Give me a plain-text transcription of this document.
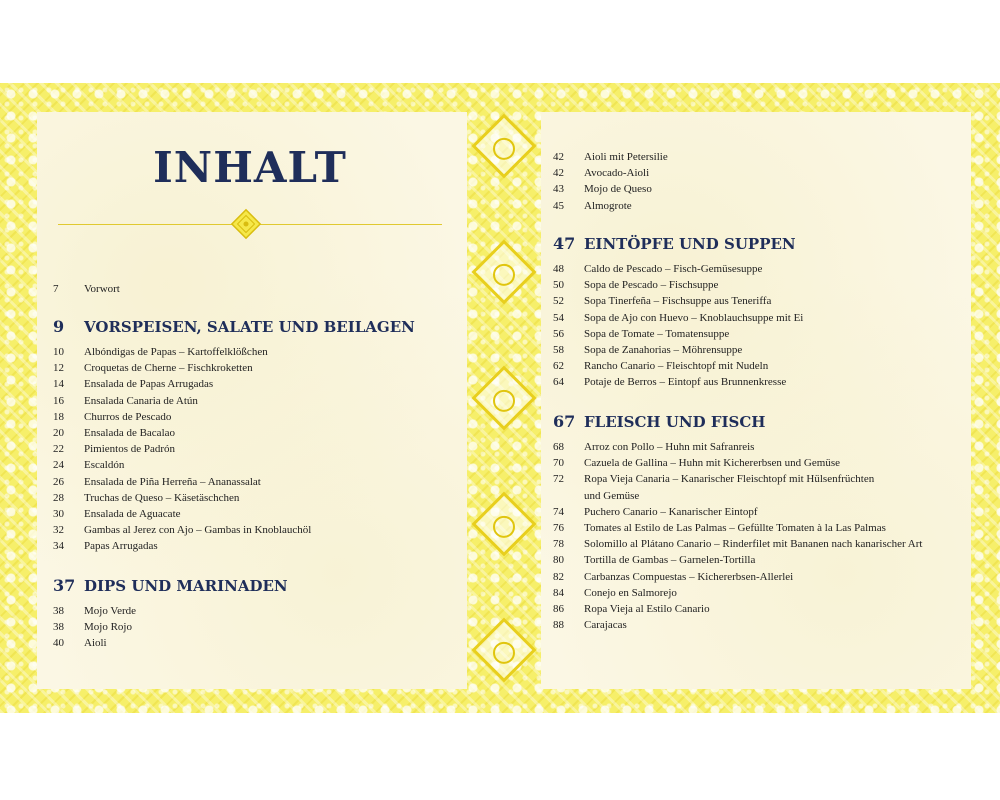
INHALT
7	Vorwort
9 VORSPEISEN, SALATE UND BEILAGEN
10	Albóndigas de Papas – Kartoffelklößchen
12	Croquetas de Cherne – Fischkroketten
14	Ensalada de Papas Arrugadas
16	Ensalada Canaria de Atún
18	Churros de Pescado
20	Ensalada de Bacalao
22	Pimientos de Padrón
24	Escaldón
26	Ensalada de Piña Herreña – Ananassalat
28	Truchas de Queso – Käsetäschchen
30	Ensalada de Aguacate
32	Gambas al Jerez con Ajo – Gambas in Knoblauchöl
34	Papas Arrugadas
37 DIPS UND MARINADEN
38	Mojo Verde
38	Mojo Rojo
40	Aioli
42	Aioli mit Petersilie
42	Avocado-Aioli
43	Mojo de Queso
45	Almogrote
47 EINTÖPFE UND SUPPEN
48	Caldo de Pescado – Fisch-Gemüsesuppe
50	Sopa de Pescado – Fischsuppe
52	Sopa Tinerfeña – Fischsuppe aus Teneriffa
54	Sopa de Ajo con Huevo – Knoblauchsuppe mit Ei
56	Sopa de Tomate – Tomatensuppe
58	Sopa de Zanahorias – Möhrensuppe
62	Rancho Canario – Fleischtopf mit Nudeln
64	Potaje de Berros – Eintopf aus Brunnenkresse
67 FLEISCH UND FISCH
68	Arroz con Pollo – Huhn mit Safranreis
70	Cazuela de Gallina – Huhn mit Kichererbsen und Gemüse
72	Ropa Vieja Canaria – Kanarischer Fleischtopf mit Hülsenfrüchten
und Gemüse
74	Puchero Canario – Kanarischer Eintopf
76	Tomates al Estilo de Las Palmas – Gefüllte Tomaten à la Las Palmas
78	Solomillo al Plátano Canario – Rinderfilet mit Bananen nach kanarischer Art
80	Tortilla de Gambas – Garnelen-Tortilla
82	Carbanzas Compuestas – Kichererbsen-Allerlei
84	Conejo en Salmorejo
86	Ropa Vieja al Estilo Canario
88	Carajacas
